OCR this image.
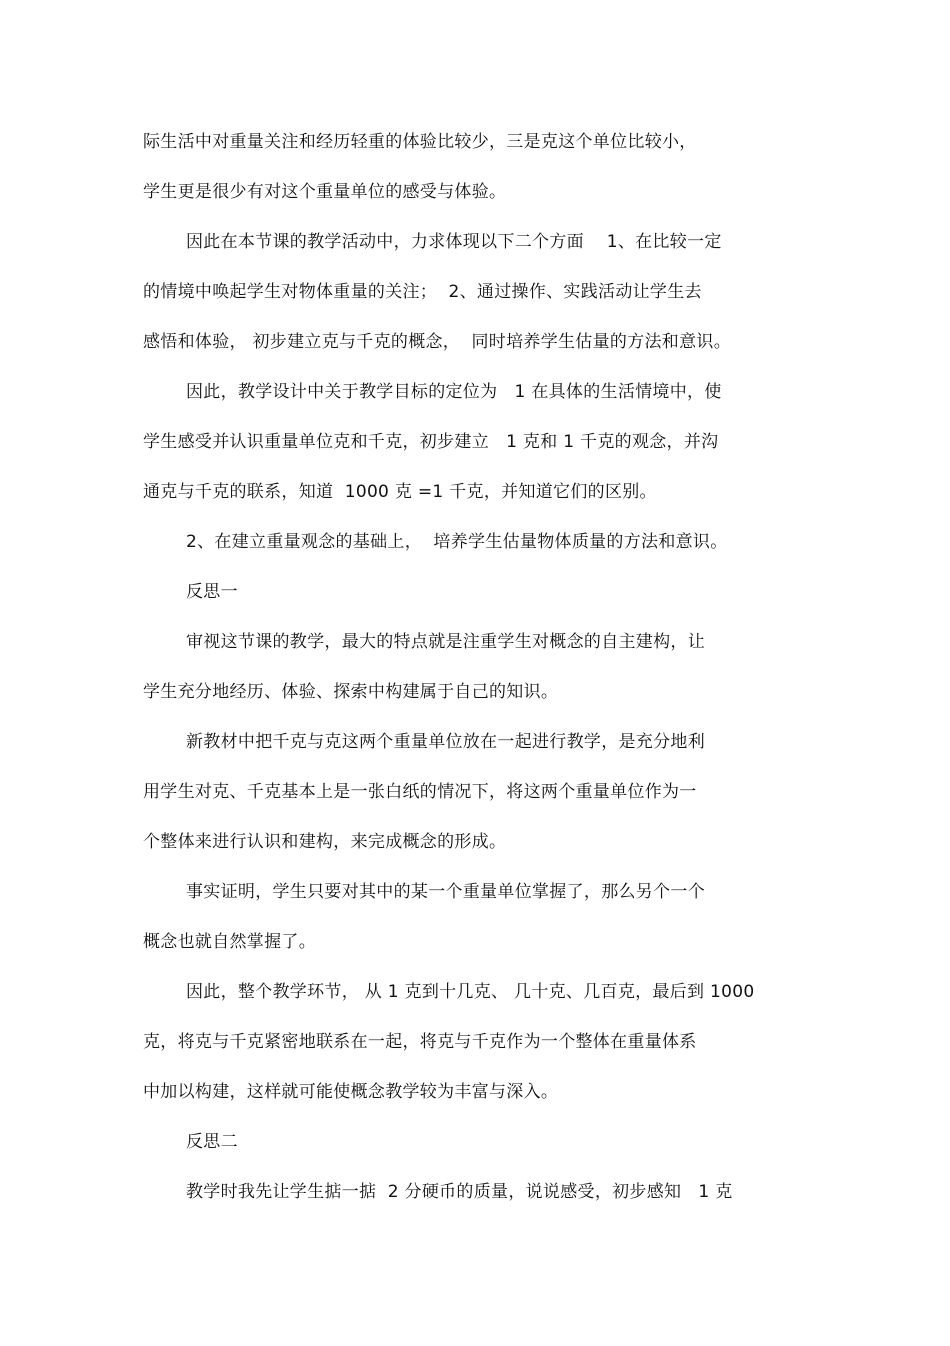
际生活中对重量关注和经历轻重的体验比较少，三是克这个单位比较小，
学生更是很少有对这个重量单位的感受与体验。
因此在本节课的教学活动中，力求体现以下二个方面    1、在比较一定
的情境中唤起学生对物体重量的关注；  2、通过操作、实践活动让学生去
感悟和体验， 初步建立克与千克的概念，  同时培养学生估量的方法和意识。
因此，教学设计中关于教学目标的定位为   1 在具体的生活情境中，使
学生感受并认识重量单位克和千克，初步建立   1 克和 1 千克的观念，并沟
通克与千克的联系，知道  1000 克 =1 千克，并知道它们的区别。
2、在建立重量观念的基础上，  培养学生估量物体质量的方法和意识。
反思一
审视这节课的教学，最大的特点就是注重学生对概念的自主建构，让
学生充分地经历、体验、探索中构建属于自己的知识。
新教材中把千克与克这两个重量单位放在一起进行教学，是充分地利
用学生对克、千克基本上是一张白纸的情况下，将这两个重量单位作为一
个整体来进行认识和建构，来完成概念的形成。
事实证明，学生只要对其中的某一个重量单位掌握了，那么另个一个
概念也就自然掌握了。
因此，整个教学环节， 从 1 克到十几克、 几十克、几百克，最后到 1000
克，将克与千克紧密地联系在一起，将克与千克作为一个整体在重量体系
中加以构建，这样就可能使概念教学较为丰富与深入。
反思二
教学时我先让学生掂一掂  2 分硬币的质量，说说感受，初步感知   1 克
